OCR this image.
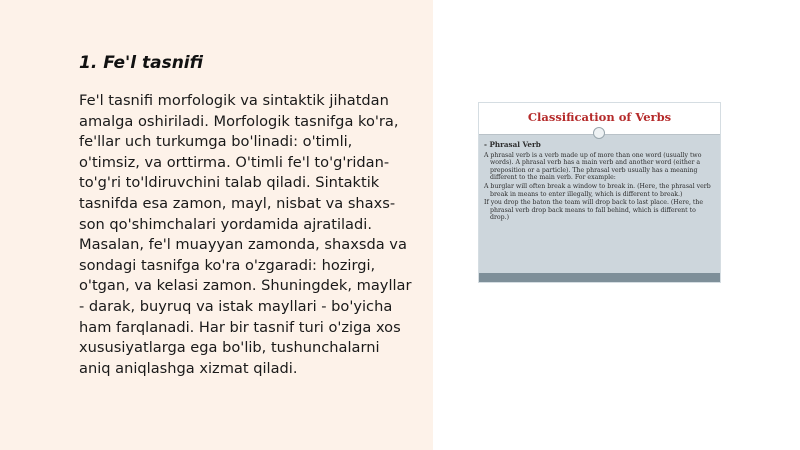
1. Fe'l tasnifi

Fe'l tasnifi morfologik va sintaktik jihatdan
amalga oshiriladi. Morfologik tasnifga ko'ra,
fe'llar uch turkumga bo'linadi: o'timli,
o'timsiz, va orttirma. O'timli fe'l to'g'ridan-
to'g'ri to'ldiruvchini talab qiladi. Sintaktik
tasnifda esa zamon, mayl, nisbat va shaxs-
son qo'shimchalari yordamida ajratiladi.
Masalan, fe'l muayyan zamonda, shaxsda va
sondagi tasnifga ko'ra o'zgaradi: hozirgi,
o'tgan, va kelasi zamon. Shuningdek, mayllar
- darak, buyruq va istak mayllari - bo'yicha
ham farqlanadi. Har bir tasnif turi o'ziga xos
xususiyatlarga ega bo'lib, tushunchalarni
aniq aniqlashga xizmat qiladi.

Classification of Verbs
- Phrasal Verb

A phrasal verb is a verb made up of more than one word (usually two words). A phrasal verb has a main verb and another word (either a preposition or a particle). The phrasal verb usually has a meaning different to the main verb. For example:

A burglar will often break a window to break in. (Here, the phrasal verb break in means to enter illegally, which is different to break.)

If you drop the baton the team will drop back to last place. (Here, the phrasal verb drop back means to fall behind, which is different to drop.)
